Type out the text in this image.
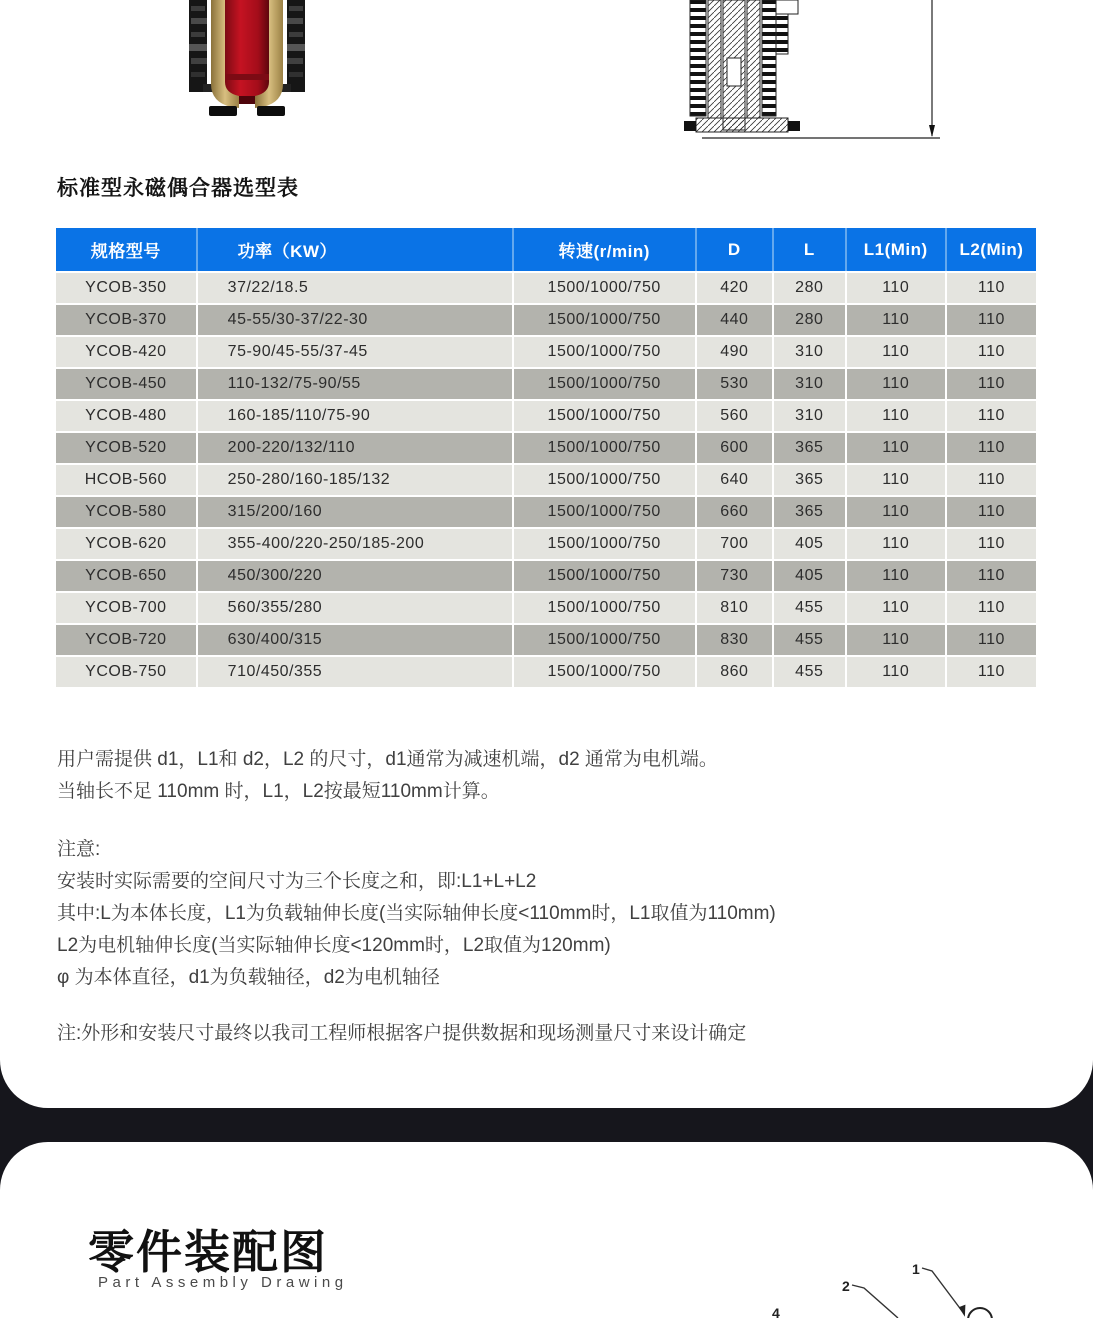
标准型永磁偶合器选型表
规格型号	功率（KW）	转速(r/min)	D	L	L1(Min)	L2(Min)
YCOB-350	37/22/18.5	1500/1000/750	420	280	110	110
YCOB-370	45-55/30-37/22-30	1500/1000/750	440	280	110	110
YCOB-420	75-90/45-55/37-45	1500/1000/750	490	310	110	110
YCOB-450	110-132/75-90/55	1500/1000/750	530	310	110	110
YCOB-480	160-185/110/75-90	1500/1000/750	560	310	110	110
YCOB-520	200-220/132/110	1500/1000/750	600	365	110	110
HCOB-560	250-280/160-185/132	1500/1000/750	640	365	110	110
YCOB-580	315/200/160	1500/1000/750	660	365	110	110
YCOB-620	355-400/220-250/185-200	1500/1000/750	700	405	110	110
YCOB-650	450/300/220	1500/1000/750	730	405	110	110
YCOB-700	560/355/280	1500/1000/750	810	455	110	110
YCOB-720	630/400/315	1500/1000/750	830	455	110	110
YCOB-750	710/450/355	1500/1000/750	860	455	110	110
用户需提供 d1，L1和 d2，L2 的尺寸，d1通常为减速机端，d2 通常为电机端。
当轴长不足 110mm 时，L1，L2按最短110mm计算。
注意:
安装时实际需要的空间尺寸为三个长度之和，即:L1+L+L2
其中:L为本体长度，L1为负载轴伸长度(当实际轴伸长度<110mm时，L1取值为110mm)
L2为电机轴伸长度(当实际轴伸长度<120mm时，L2取值为120mm)
φ 为本体直径，d1为负载轴径，d2为电机轴径
注:外形和安装尺寸最终以我司工程师根据客户提供数据和现场测量尺寸来设计确定
零件装配图
Part Assembly Drawing
1
2
4
